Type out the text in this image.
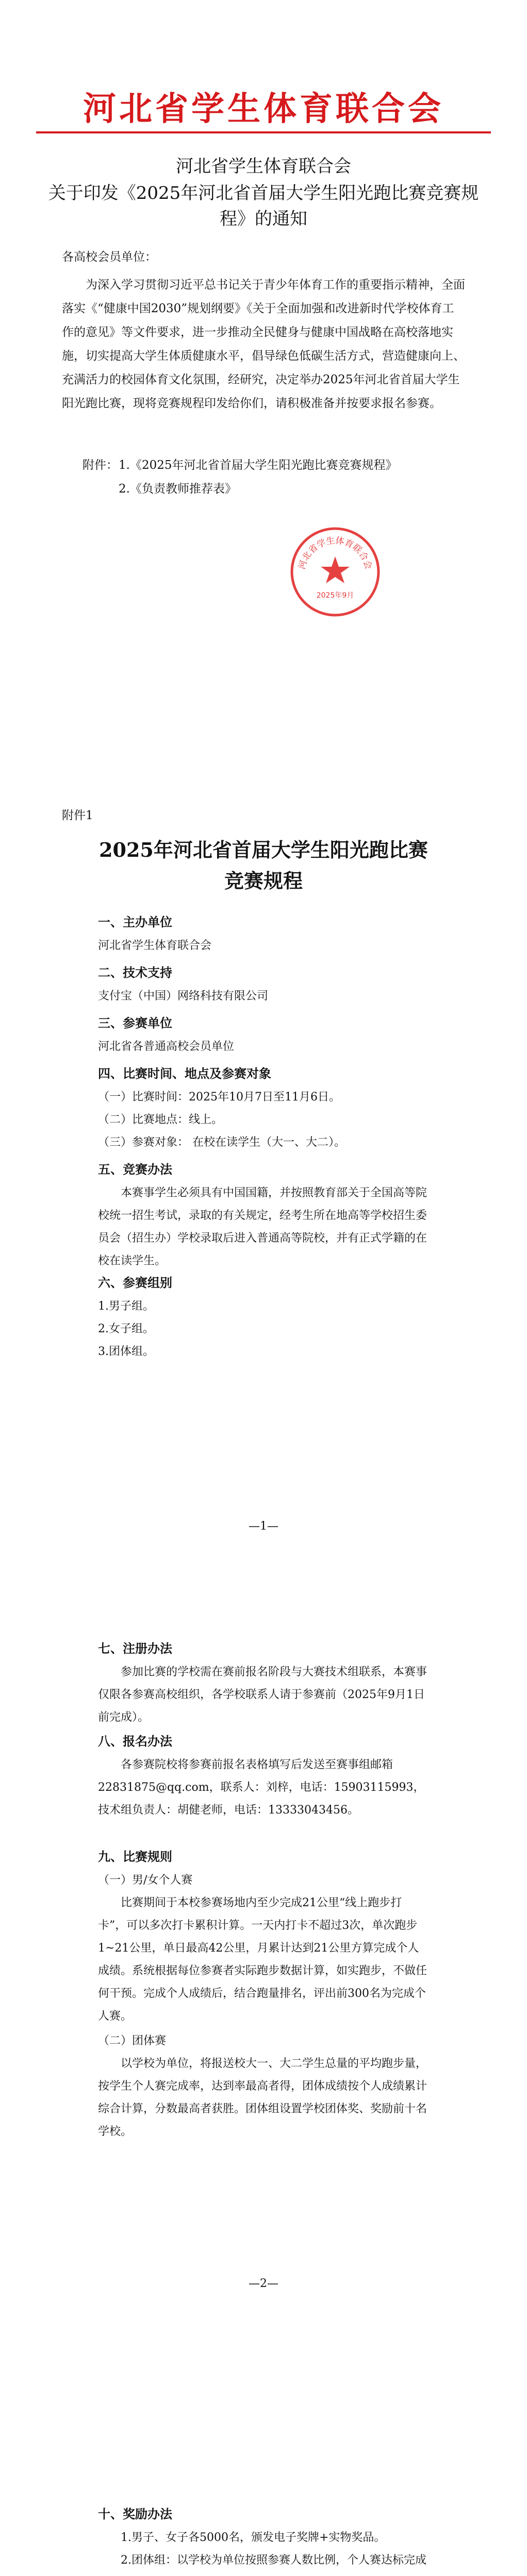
河北省学生体育联合会
河北省学生体育联合会
关于印发《2025年河北省首届大学生阳光跑比赛竞赛规程》的通知
各高校会员单位：
为深入学习贯彻习近平总书记关于青少年体育工作的重要指示精神，全面落实《“健康中国2030”规划纲要》《关于全面加强和改进新时代学校体育工作的意见》等文件要求，进一步推动全民健身与健康中国战略在高校落地实施，切实提高大学生体质健康水平，倡导绿色低碳生活方式，营造健康向上、充满活力的校园体育文化氛围，经研究，决定举办2025年河北省首届大学生阳光跑比赛，现将竞赛规程印发给你们，请积极准备并按要求报名参赛。
附件： 1.《2025年河北省首届大学生阳光跑比赛竞赛规程》
2.《负责教师推荐表》
河北省学生体育联合会
2025年9月
附件1
2025年河北省首届大学生阳光跑比赛
竞赛规程
一、主办单位
河北省学生体育联合会
二、技术支持
支付宝（中国）网络科技有限公司
三、参赛单位
河北省各普通高校会员单位
四、比赛时间、地点及参赛对象
（一）比赛时间：2025年10月7日至11月6日。
（二）比赛地点：线上。
（三）参赛对象： 在校在读学生（大一、大二）。
五、竞赛办法
本赛事学生必须具有中国国籍，并按照教育部关于全国高等院校统一招生考试，录取的有关规定，经考生所在地高等学校招生委员会（招生办）学校录取后进入普通高等院校，并有正式学籍的在校在读学生。
六、参赛组别
1.男子组。
2.女子组。
3.团体组。
—1—
七、注册办法
参加比赛的学校需在赛前报名阶段与大赛技术组联系，本赛事仅限各参赛高校组织，各学校联系人请于参赛前（2025年9月1日前完成）。
八、报名办法
各参赛院校将参赛前报名表格填写后发送至赛事组邮箱22831875@qq.com，联系人：刘梓，电话：15903115993，技术组负责人：胡健老师，电话：13333043456。
九、比赛规则
（一）男/女个人赛
比赛期间于本校参赛场地内至少完成21公里“线上跑步打卡”，可以多次打卡累积计算。一天内打卡不超过3次，单次跑步1~21公里，单日最高42公里，月累计达到21公里方算完成个人成绩。系统根据每位参赛者实际跑步数据计算，如实跑步，不做任何干预。完成个人成绩后，结合跑量排名，评出前300名为完成个人赛。
（二）团体赛
以学校为单位，将报送校大一、大二学生总量的平均跑步量，按学生个人赛完成率，达到率最高者得，团体成绩按个人成绩累计综合计算，分数最高者获胜。团体组设置学校团体奖、奖励前十名学校。
—2—
十、奖励办法
1.男子、女子各5000名，颁发电子奖牌+实物奖品。
2.团体组：以学校为单位按照参赛人数比例，个人赛达标完成
